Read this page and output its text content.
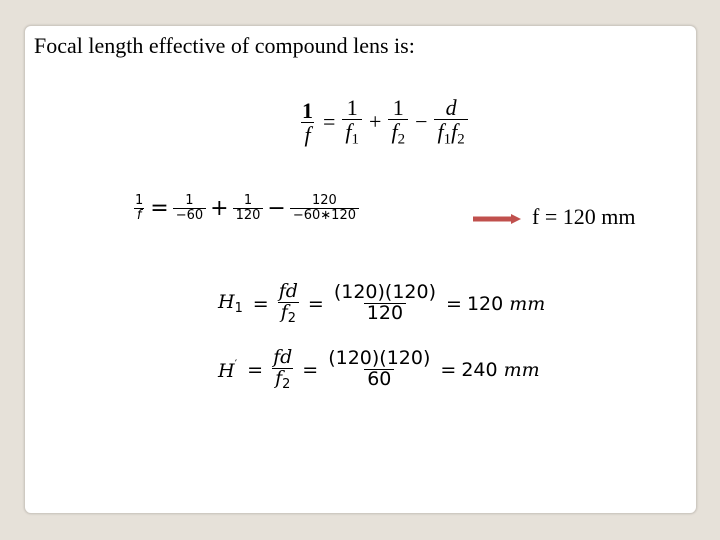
Focal length effective of compound lens is:
$\frac{1}{f} = \frac{1}{f_1} + \frac{1}{f_2} - \frac{d}{f_1f_2}$
$\frac{1}{f} = \frac{1}{-60} + \frac{1}{120} - \frac{120}{-60∗120}$	f = 120 mm
$H_1 = \frac{fd}{f_2} = \frac{(120)(120)}{120} = 120$ mm
$H' = \frac{fd}{f_2} = \frac{(120)(120)}{60} = 240$ mm
